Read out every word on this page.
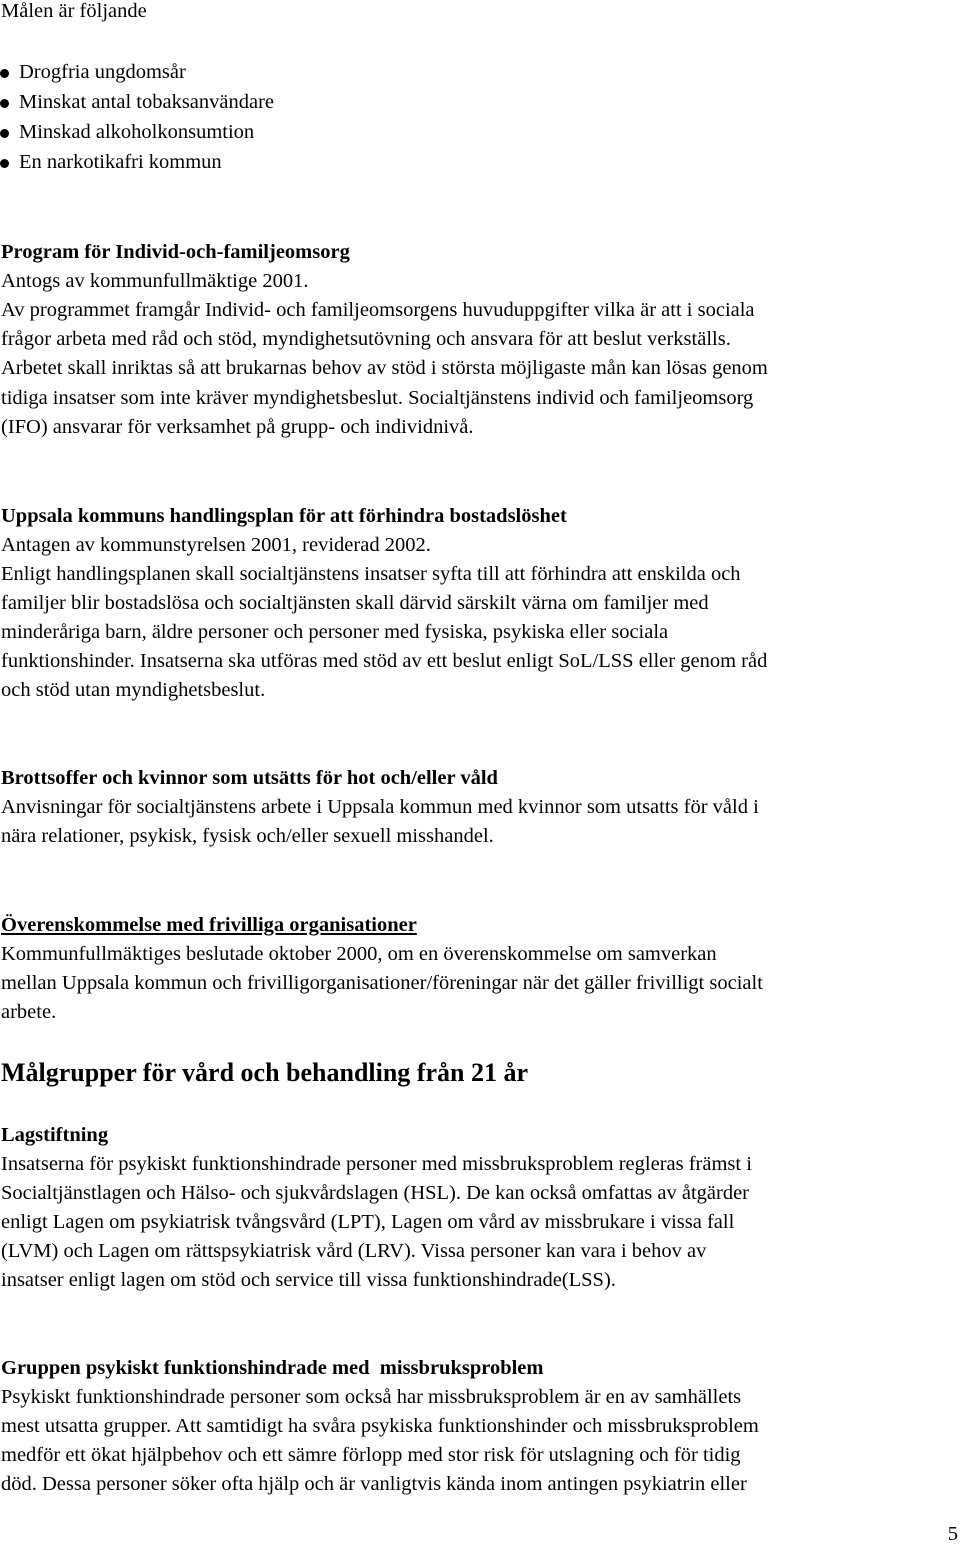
Målen är följande

Drogfria ungdomsår

Minskat antal tobaksanvändare

Minskad alkoholkonsumtion

En narkotikafri kommun

Program för Individ-och-familjeomsorg
Antogs av kommunfullmäktige 2001.
Av programmet framgår Individ- och familjeomsorgens huvuduppgifter vilka är att i sociala
frågor arbeta med råd och stöd, myndighetsutövning och ansvara för att beslut verkställs.
Arbetet skall inriktas så att brukarnas behov av stöd i största möjligaste mån kan lösas genom
tidiga insatser som inte kräver myndighetsbeslut. Socialtjänstens individ och familjeomsorg
(IFO) ansvarar för verksamhet på grupp- och individnivå.
Uppsala kommuns handlingsplan för att förhindra bostadslöshet
Antagen av kommunstyrelsen 2001, reviderad 2002.
Enligt handlingsplanen skall socialtjänstens insatser syfta till att förhindra att enskilda och
familjer blir bostadslösa och socialtjänsten skall därvid särskilt värna om familjer med
minderåriga barn, äldre personer och personer med fysiska, psykiska eller sociala
funktionshinder. Insatserna ska utföras med stöd av ett beslut enligt SoL/LSS eller genom råd
och stöd utan myndighetsbeslut.
Brottsoffer och kvinnor som utsätts för hot och/eller våld
Anvisningar för socialtjänstens arbete i Uppsala kommun med kvinnor som utsatts för våld i
nära relationer, psykisk, fysisk och/eller sexuell misshandel.
Överenskommelse med frivilliga organisationer
Kommunfullmäktiges beslutade oktober 2000, om en överenskommelse om samverkan
mellan Uppsala kommun och frivilligorganisationer/föreningar när det gäller frivilligt socialt
arbete.
Målgrupper för vård och behandling från 21 år
Lagstiftning
Insatserna för psykiskt funktionshindrade personer med missbruksproblem regleras främst i
Socialtjänstlagen och Hälso- och sjukvårdslagen (HSL). De kan också omfattas av åtgärder
enligt Lagen om psykiatrisk tvångsvård (LPT), Lagen om vård av missbrukare i vissa fall
(LVM) och Lagen om rättspsykiatrisk vård (LRV). Vissa personer kan vara i behov av
insatser enligt lagen om stöd och service till vissa funktionshindrade(LSS).
Gruppen psykiskt funktionshindrade med  missbruksproblem
Psykiskt funktionshindrade personer som också har missbruksproblem är en av samhällets
mest utsatta grupper. Att samtidigt ha svåra psykiska funktionshinder och missbruksproblem
medför ett ökat hjälpbehov och ett sämre förlopp med stor risk för utslagning och för tidig
död. Dessa personer söker ofta hjälp och är vanligtvis kända inom antingen psykiatrin eller
5
